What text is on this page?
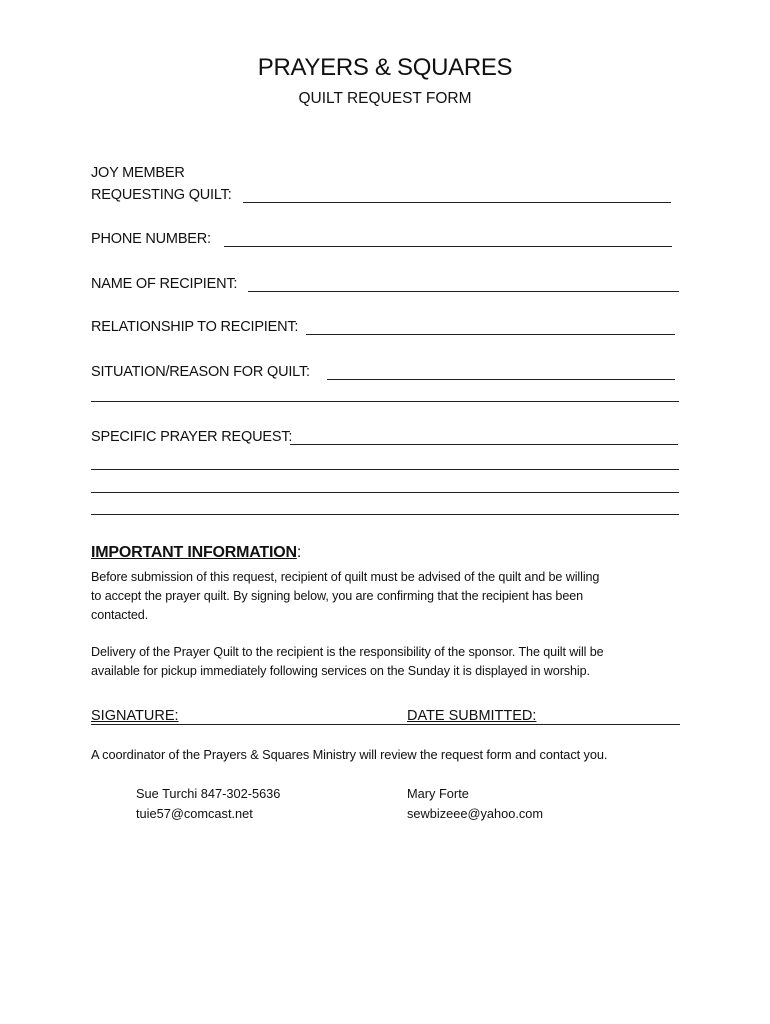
PRAYERS & SQUARES
QUILT REQUEST FORM
JOY MEMBER
REQUESTING QUILT:
PHONE NUMBER:
NAME OF RECIPIENT:
RELATIONSHIP TO RECIPIENT:
SITUATION/REASON FOR QUILT:
SPECIFIC PRAYER REQUEST:
IMPORTANT INFORMATION:
Before submission of this request, recipient of quilt must be advised of the quilt and be willing
to accept the prayer quilt. By signing below, you are confirming that the recipient has been
contacted.
Delivery of the Prayer Quilt to the recipient is the responsibility of the sponsor. The quilt will be
available for pickup immediately following services on the Sunday it is displayed in worship.
SIGNATURE:	DATE SUBMITTED:
A coordinator of the Prayers & Squares Ministry will review the request form and contact you.
Sue Turchi 847-302-5636
tuie57@comcast.net
Mary Forte
sewbizeee@yahoo.com
